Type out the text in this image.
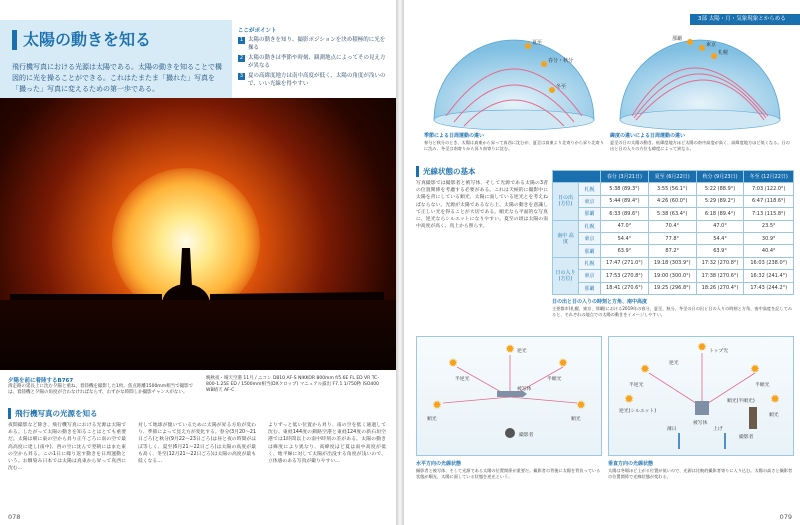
太陽の動きを知る
飛行機写真における光源は太陽である。太陽の動きを知ることで構図的に光を操ることができる。これはたまたま「撮れた」写真を「撮った」写真に変えるための第一歩である。
ここがポイント
1 太陽の動きを知り、撮影ポジションを決め積極的に光を操る
2 太陽の動きは季節や時刻、観測地点によってその見え方が異なる
3 夏の高緯度地方は南中高度が低く、太陽の角度が浅いので、いい光線を得やすい
夕陽を前に着陸するB767
滑走路の延長上に沈む夕陽と重ね、着陸機を撮影した1枚。焦点距離1500mm相当で撮影では、着陸機と夕陽の角度が合わなければならず、わずかな時間しか撮影チャンスがない。
晩秋夜・晴天空港 11月 / ニコン D810 AF-S NIKKOR 800mm f/5.6E FL ED VR TC-800-1.25E ED / 1500mm相当(DXクロップ) マニュアル露出 F7.1 1/750秒 ISO400 WB晴天 AF-C
飛行機写真の光源を知る
夜間撮影など除き、飛行機写真における光源は太陽である。したがって太陽の動きを知ることはとても重要だ。太陽は朝に東の空から昇り正午ごろに南の空で最高高度に達し(南中)、西の空に沈んで翌朝にはまた東の空から昇る。この1日に繰り返す動きを日周運動という。お馴染み日本では太陽は真東から昇って真西に沈む…
対して地球が傾いているために太陽が昇る方角が変わり、季節によって見え方が変化する。春分(3月20〜21日ごろ)と秋分(9月22〜23日ごろ)は昼と夜の時間がほぼ等しく、夏至(6月21〜22日ごろ)は太陽の高度が最も高く、冬至(12月21〜22日ごろ)は太陽の高度が最も低くなる…
よりずっと低い位置から昇り、南の空を低く通過して沈む。東経144度の釧路空港と東経124度の新石垣空港では1時間以上の南中時刻の差がある。太陽の動きは緯度により異なり、高緯度ほど夏は南中高度が低く、地平線に対して太陽が出没する角度が浅いので、立体感のある写真が撮りやすい…
078
3部 太陽・月・気象現象とからめる
夏至
春分・秋分
冬至
季節による日周運動の違い
春分と秋分のとき、太陽は真東から昇って真西に沈むが、夏至は真東より北寄りから昇り北寄りに沈み、冬至は南寄りから昇り南寄りに沈む。
那覇
東京
札幌
緯度の違いによる日周運動の違い
夏至の日の太陽の動き。低緯度地方ほど太陽の南中高度が高く、高緯度地方ほど低くなる。日の出と日の入りの方位も緯度によって異なる。
光線状態の基本
写真撮影では撮影者と被写体、そして光源である太陽の3者の位置関係を考慮する必要がある。これは天候的に撮影中に太陽を背にしている順光、太陽に面している逆光とを考えねばならない。光源が太陽であるなら上、太陽の動きを意識して正しい光を得ることが大切である。順光なら平面的な写真に、逆光ならシルエットになりやすい。夏至の頃は太陽の南中高度が高く、真上から照らす。
		春分 (3月21日)	夏至 (6月22日)	秋分 (9月23日)	冬至 (12月22日)
日の出 (方位)	札幌	5:38 (89.3°)	3:55 (56.1°)	5:22 (88.9°)	7:03 (122.0°)
	東京	5:44 (89.4°)	4:26 (60.0°)	5:29 (89.2°)	6:47 (118.6°)
	那覇	6:33 (89.6°)	5:38 (63.4°)	6:18 (89.4°)	7:13 (115.8°)
南中 高度	札幌	47.0°	70.4°	47.0°	23.5°
	東京	54.4°	77.8°	54.4°	30.9°
	那覇	63.9°	87.2°	63.9°	40.4°
日の入り (方位)	札幌	17:47 (271.0°)	19:18 (303.9°)	17:32 (270.8°)	16:03 (238.0°)
	東京	17:53 (270.8°)	19:00 (300.0°)	17:38 (270.6°)	16:32 (241.4°)
	那覇	18:41 (270.6°)	19:25 (296.8°)	18:26 (270.4°)	17:43 (244.2°)
日の出と日の入りの時刻と方角、南中高度
主要都市(札幌、東京、那覇)における2019年の春分、夏至、秋分、冬至の日の出と日の入りの時刻と方角、南中高度を記してみると、それぞれの地点での太陽の動きをイメージしやすい。
✹
✹	✹
✹	✹
逆光
半逆光	半順光
順光	順光
被写体
撮影者
水平方向の光線状態
撮影者と被写体、そして光源である太陽の位置関係が重要だ。撮影者の背後に太陽を背負っている状態が順光、太陽に面している状態を逆光という。
✹
✹	✹
✹	✹
トップ光
半逆光	半順光
逆光(シルエット)
順光(半順光)
逆光
順光
被写体
撮影者
薄日	上げ
垂直方向の光線状態
太陽は冬場ほど上がる位置が低いので、光源は比較的撮影者寄りに入り込む。太陽の高さと撮影者の位置関係で光線状態が変わる。
079
